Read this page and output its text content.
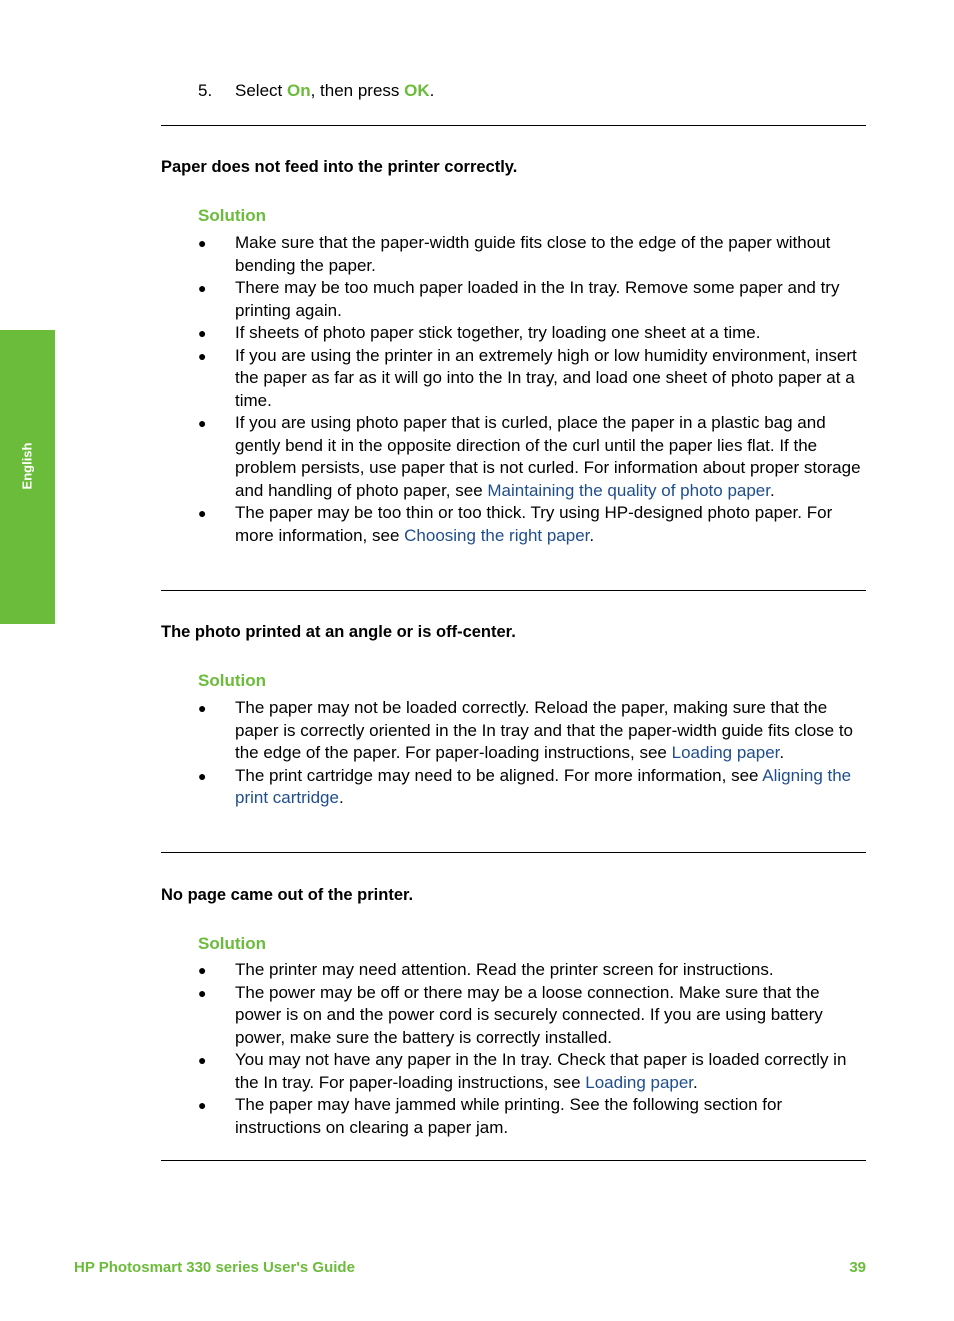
English
5. Select On, then press OK.
Paper does not feed into the printer correctly.
Solution
● Make sure that the paper-width guide fits close to the edge of the paper without bending the paper.
● There may be too much paper loaded in the In tray. Remove some paper and try printing again.
● If sheets of photo paper stick together, try loading one sheet at a time.
● If you are using the printer in an extremely high or low humidity environment, insert the paper as far as it will go into the In tray, and load one sheet of photo paper at a time.
● If you are using photo paper that is curled, place the paper in a plastic bag and gently bend it in the opposite direction of the curl until the paper lies flat. If the problem persists, use paper that is not curled. For information about proper storage and handling of photo paper, see Maintaining the quality of photo paper.
● The paper may be too thin or too thick. Try using HP-designed photo paper. For more information, see Choosing the right paper.
The photo printed at an angle or is off-center.
Solution
● The paper may not be loaded correctly. Reload the paper, making sure that the paper is correctly oriented in the In tray and that the paper-width guide fits close to the edge of the paper. For paper-loading instructions, see Loading paper.
● The print cartridge may need to be aligned. For more information, see Aligning the print cartridge.
No page came out of the printer.
Solution
● The printer may need attention. Read the printer screen for instructions.
● The power may be off or there may be a loose connection. Make sure that the power is on and the power cord is securely connected. If you are using battery power, make sure the battery is correctly installed.
● You may not have any paper in the In tray. Check that paper is loaded correctly in the In tray. For paper-loading instructions, see Loading paper.
● The paper may have jammed while printing. See the following section for instructions on clearing a paper jam.
HP Photosmart 330 series User's Guide	39
